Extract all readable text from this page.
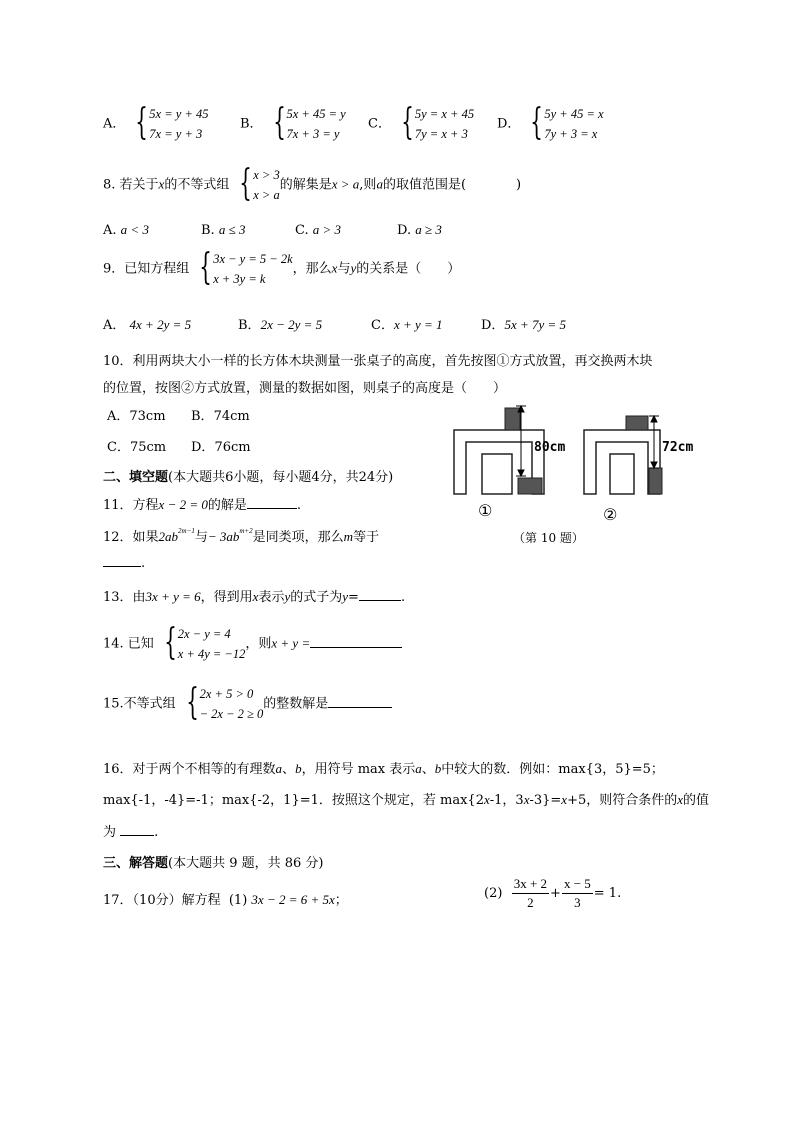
A． { 5x = y + 45
7x = y + 3
B． { 5x + 45 = y
7x + 3 = y
C． { 5y = x + 45
7y = x + 3
D． { 5y + 45 = x
7y + 3 = x
8. 若关于x的不等式组 { x > 3
x > a
的解集是x > a,则a的取值范围是(	)
A. a < 3	B. a ≤ 3	C. a > 3	D. a ≥ 3
9．已知方程组 { 3x − y = 5 − 2k
x + 3y = k
，那么x与y的关系是（　　）
A． 4x + 2y = 5	B．2x − 2y = 5	C．x + y = 1	D．5x + 7y = 5
10．利用两块大小一样的长方体木块测量一张桌子的高度，首先按图①方式放置，再交换两木块
的位置，按图②方式放置，测量的数据如图，则桌子的高度是（　　）
A．73cm B．74cm
C．75cm D．76cm	80cm	72cm
①	②
（第 10 题）
二、填空题(本大题共6小题，每小题4分，共24分)
11．方程x − 2 = 0的解是	.
12．如果$2ab^{2m-1}$与− $3ab^{m+2}$是同类项，那么m等于
.
13．由3x + y = 6，得到用x表示y的式子为y=	.
14. 已知 { 2x − y = 4
x + 4y = −12
，则x + y =
15.不等式组 { 2x + 5 > 0
− 2x − 2 ≥ 0
的整数解是
16．对于两个不相等的有理数a、b，用符号 max 表示a、b中较大的数．例如：max{3，5}=5；
max{-1，-4}=-1；max{-2，1}=1．按照这个规定，若 max{2x-1，3x-3}=x+5，则符合条件的x的值
为	.
三、解答题(本大题共 9 题，共 86 分)
17．（10分）解方程 (1) 3x − 2 = 6 + 5x；	$(2) \frac{3x + 2}{2} + \frac{x - 5}{3} = 1$.
